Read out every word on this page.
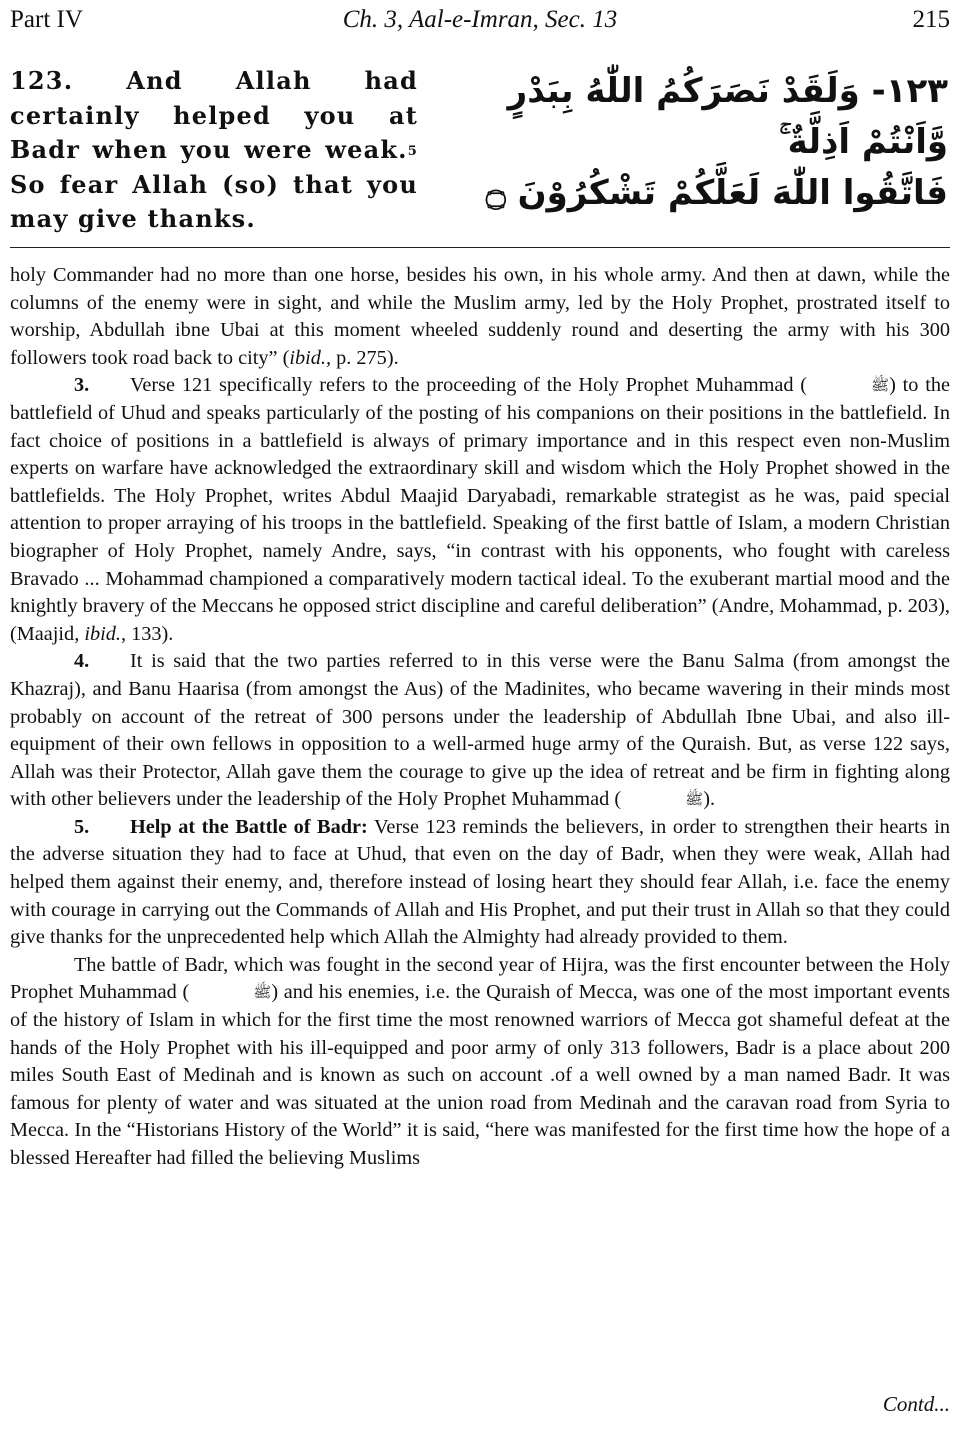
Part IV	Ch. 3, Aal-e-Imran, Sec. 13	215
123. And Allah had certainly helped you at Badr when you were weak.$^5$ So fear Allah (so) that you may give thanks.
١٢٣- وَلَقَدْ نَصَرَكُمُ اللّٰهُ بِبَدْرٍ
وَّاَنْتُمْ اَذِلَّةٌ ۚ
فَاتَّقُوا اللّٰهَ لَعَلَّكُمْ تَشْكُرُوْنَ ۝

holy Commander had no more than one horse, besides his own, in his whole army. And then at dawn, while the columns of the enemy were in sight, and while the Muslim army, led by the Holy Prophet, prostrated itself to worship, Abdullah ibne Ubai at this moment wheeled suddenly round and deserting the army with his 300 followers took road back to city” (ibid., p. 275).

3. Verse 121 specifically refers to the proceeding of the Holy Prophet Muhammad (	ﷺ) to the battlefield of Uhud and speaks particularly of the posting of his companions on their positions in the battlefield. In fact choice of positions in a battlefield is always of primary importance and in this respect even non-Muslim experts on warfare have acknowledged the extraordinary skill and wisdom which the Holy Prophet showed in the battlefields. The Holy Prophet, writes Abdul Maajid Daryabadi, remarkable strategist as he was, paid special attention to proper arraying of his troops in the battlefield. Speaking of the first battle of Islam, a modern Christian biographer of Holy Prophet, namely Andre, says, “in contrast with his opponents, who fought with careless Bravado ... Mohammad championed a comparatively modern tactical ideal. To the exuberant martial mood and the knightly bravery of the Meccans he opposed strict discipline and careful deliberation” (Andre, Mohammad, p. 203), (Maajid, ibid., 133).

4. It is said that the two parties referred to in this verse were the Banu Salma (from amongst the Khazraj), and Banu Haarisa (from amongst the Aus) of the Madinites, who became wavering in their minds most probably on account of the retreat of 300 persons under the leadership of Abdullah Ibne Ubai, and also ill-equipment of their own fellows in opposition to a well-armed huge army of the Quraish. But, as verse 122 says, Allah was their Protector, Allah gave them the courage to give up the idea of retreat and be firm in fighting along with other believers under the leadership of the Holy Prophet Muhammad (	ﷺ).

5. Help at the Battle of Badr: Verse 123 reminds the believers, in order to strengthen their hearts in the adverse situation they had to face at Uhud, that even on the day of Badr, when they were weak, Allah had helped them against their enemy, and, therefore instead of losing heart they should fear Allah, i.e. face the enemy with courage in carrying out the Commands of Allah and His Prophet, and put their trust in Allah so that they could give thanks for the unprecedented help which Allah the Almighty had already provided to them.

The battle of Badr, which was fought in the second year of Hijra, was the first encounter between the Holy Prophet Muhammad (	ﷺ) and his enemies, i.e. the Quraish of Mecca, was one of the most important events of the history of Islam in which for the first time the most renowned warriors of Mecca got shameful defeat at the hands of the Holy Prophet with his ill-equipped and poor army of only 313 followers, Badr is a place about 200 miles South East of Medinah and is known as such on account .of a well owned by a man named Badr. It was famous for plenty of water and was situated at the union road from Medinah and the caravan road from Syria to Mecca. In the “Historians History of the World” it is said, “here was manifested for the first time how the hope of a blessed Hereafter had filled the believing Muslims

Contd...
